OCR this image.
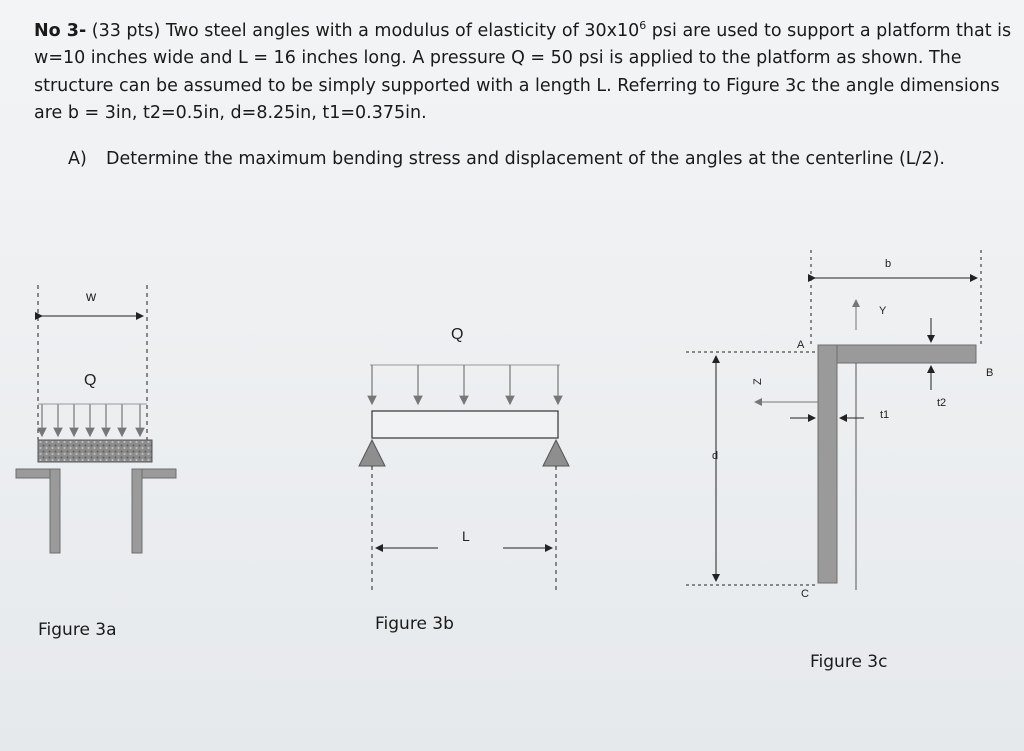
No 3- (33 pts) Two steel angles with a modulus of elasticity of $30x10^6$ psi are used to support a platform that is w=10 inches wide and L = 16 inches long. A pressure Q = 50 psi is applied to the platform as shown. The structure can be assumed to be simply supported with a length L. Referring to Figure 3c the angle dimensions are b = 3in, t2=0.5in, d=8.25in, t1=0.375in.
A) Determine the maximum bending stress and displacement of the angles at the centerline (L/2).
w
Q
Q
L
b
Y
A
B
C
t2
t1
Z
d
Figure 3a	Figure 3b
Figure 3c
